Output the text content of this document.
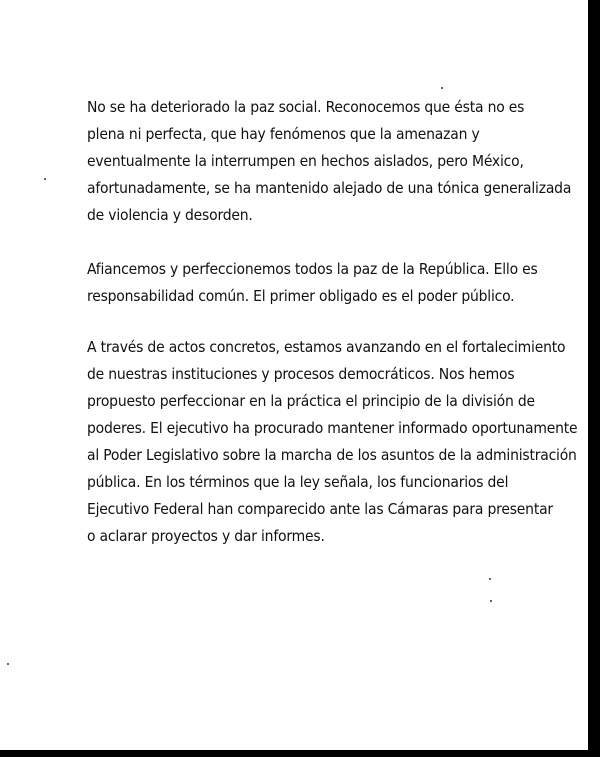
No se ha deteriorado la paz social. Reconocemos que ésta no es
plena ni perfecta, que hay fenómenos que la amenazan y
eventualmente la interrumpen en hechos aislados, pero México,
afortunadamente, se ha mantenido alejado de una tónica generalizada
de violencia y desorden.
Afiancemos y perfeccionemos todos la paz de la República. Ello es
responsabilidad común. El primer obligado es el poder público.
A través de actos concretos, estamos avanzando en el fortalecimiento
de nuestras instituciones y procesos democráticos. Nos hemos
propuesto perfeccionar en la práctica el principio de la división de
poderes. El ejecutivo ha procurado mantener informado oportunamente
al Poder Legislativo sobre la marcha de los asuntos de la administración
pública. En los términos que la ley señala, los funcionarios del
Ejecutivo Federal han comparecido ante las Cámaras para presentar
o aclarar proyectos y dar informes.
